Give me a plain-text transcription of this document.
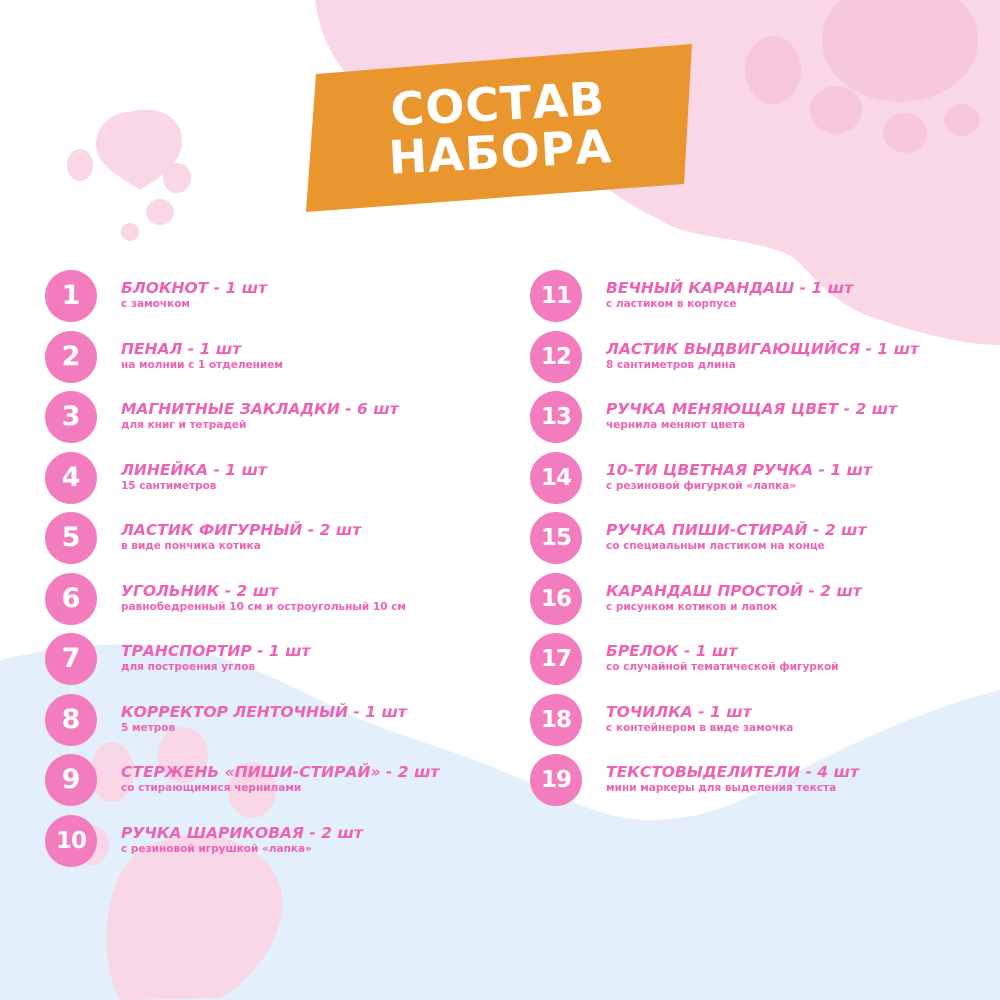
СОСТАВ
НАБОРА
1	БЛОКНОТ - 1 шт
с замочком
2	ПЕНАЛ - 1 шт
на молнии с 1 отделением
3	МАГНИТНЫЕ ЗАКЛАДКИ - 6 шт
для книг и тетрадей
4	ЛИНЕЙКА - 1 шт
15 сантиметров
5	ЛАСТИК ФИГУРНЫЙ - 2 шт
в виде пончика котика
6	УГОЛЬНИК - 2 шт
равнобедренный 10 см и остроугольный 10 см
7	ТРАНСПОРТИР - 1 шт
для построения углов
8	КОРРЕКТОР ЛЕНТОЧНЫЙ - 1 шт
5 метров
9	СТЕРЖЕНЬ «ПИШИ-СТИРАЙ» - 2 шт
со стирающимися чернилами
10	РУЧКА ШАРИКОВАЯ - 2 шт
с резиновой игрушкой «лапка»
11	ВЕЧНЫЙ КАРАНДАШ - 1 шт
с ластиком в корпусе
12	ЛАСТИК ВЫДВИГАЮЩИЙСЯ - 1 шт
8 сантиметров длина
13	РУЧКА МЕНЯЮЩАЯ ЦВЕТ - 2 шт
чернила меняют цвета
14	10-ТИ ЦВЕТНАЯ РУЧКА - 1 шт
с резиновой фигуркой «лапка»
15	РУЧКА ПИШИ-СТИРАЙ - 2 шт
со специальным ластиком на конце
16	КАРАНДАШ ПРОСТОЙ - 2 шт
с рисунком котиков и лапок
17	БРЕЛОК - 1 шт
со случайной тематической фигуркой
18	ТОЧИЛКА - 1 шт
с контейнером в виде замочка
19	ТЕКСТОВЫДЕЛИТЕЛИ - 4 шт
мини маркеры для выделения текста
